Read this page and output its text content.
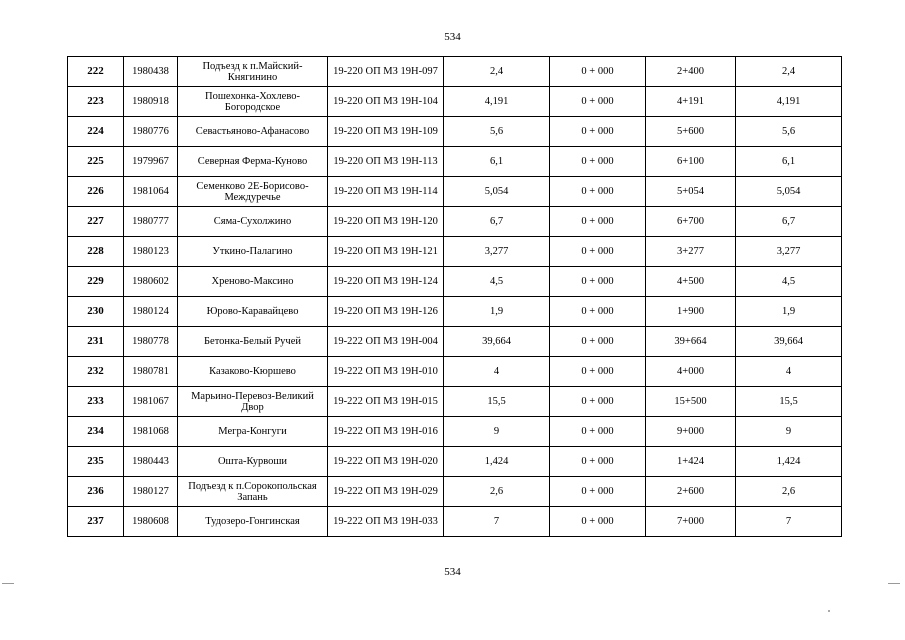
534
222	1980438	Подъезд к п.Майский-Княгинино	19-220 ОП МЗ 19Н-097	2,4	0 + 000	2+400	2,4
223	1980918	Пошехонка-Хохлево-Богородское	19-220 ОП МЗ 19Н-104	4,191	0 + 000	4+191	4,191
224	1980776	Севастьяново-Афанасово	19-220 ОП МЗ 19Н-109	5,6	0 + 000	5+600	5,6
225	1979967	Северная Ферма-Куново	19-220 ОП МЗ 19Н-113	6,1	0 + 000	6+100	6,1
226	1981064	Семенково 2Е-Борисово-Междуречье	19-220 ОП МЗ 19Н-114	5,054	0 + 000	5+054	5,054
227	1980777	Сяма-Сухолжино	19-220 ОП МЗ 19Н-120	6,7	0 + 000	6+700	6,7
228	1980123	Уткино-Палагино	19-220 ОП МЗ 19Н-121	3,277	0 + 000	3+277	3,277
229	1980602	Хреново-Максино	19-220 ОП МЗ 19Н-124	4,5	0 + 000	4+500	4,5
230	1980124	Юрово-Каравайцево	19-220 ОП МЗ 19Н-126	1,9	0 + 000	1+900	1,9
231	1980778	Бетонка-Белый Ручей	19-222 ОП МЗ 19Н-004	39,664	0 + 000	39+664	39,664
232	1980781	Казаково-Кюршево	19-222 ОП МЗ 19Н-010	4	0 + 000	4+000	4
233	1981067	Марьино-Перевоз-Великий Двор	19-222 ОП МЗ 19Н-015	15,5	0 + 000	15+500	15,5
234	1981068	Мегра-Конгуги	19-222 ОП МЗ 19Н-016	9	0 + 000	9+000	9
235	1980443	Ошта-Курвоши	19-222 ОП МЗ 19Н-020	1,424	0 + 000	1+424	1,424
236	1980127	Подъезд к п.Сорокопольская Запань	19-222 ОП МЗ 19Н-029	2,6	0 + 000	2+600	2,6
237	1980608	Тудозеро-Гонгинская	19-222 ОП МЗ 19Н-033	7	0 + 000	7+000	7
534
